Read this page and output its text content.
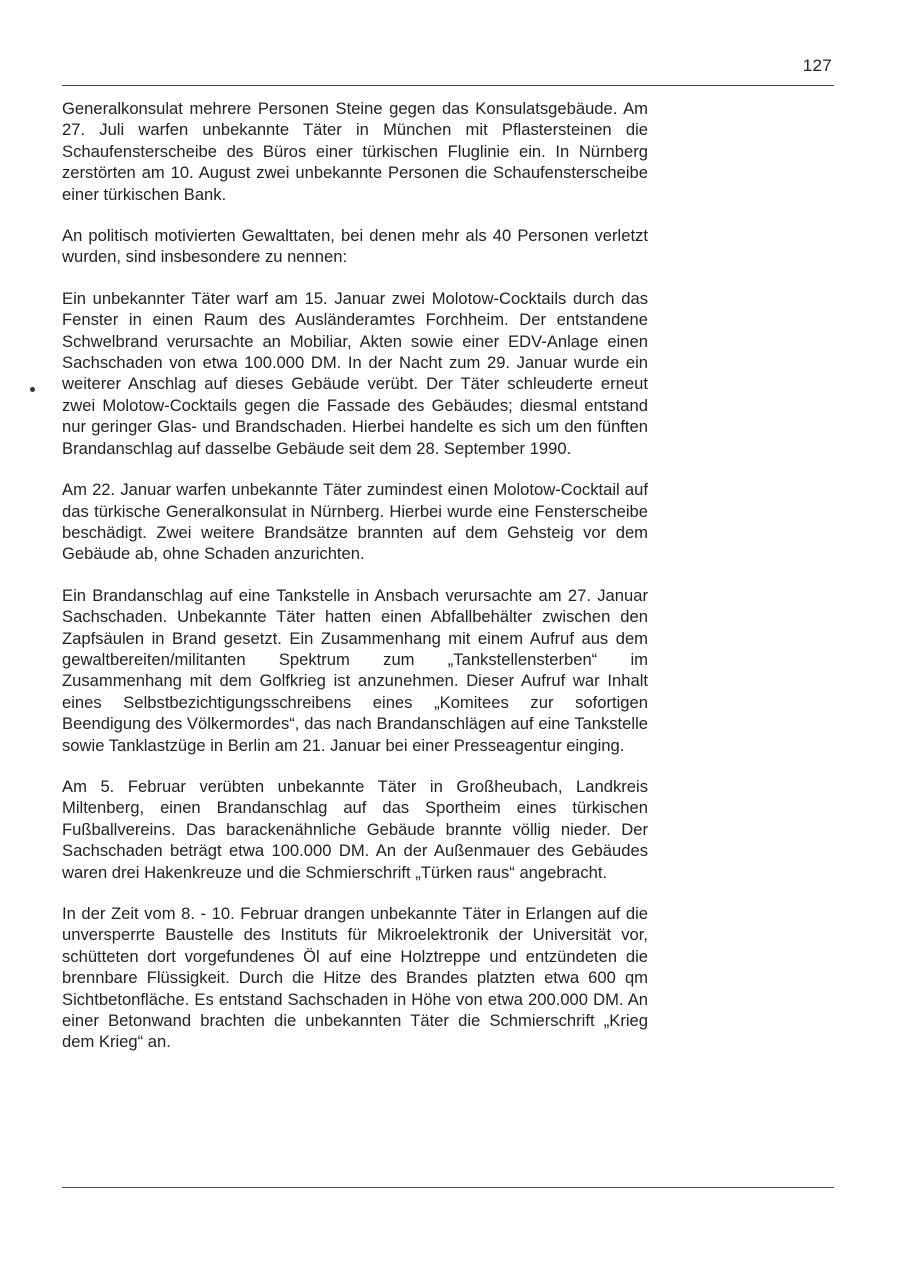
127

Generalkonsulat mehrere Personen Steine gegen das Konsulatsgebäude. Am 27. Juli warfen unbekannte Täter in München mit Pflastersteinen die Schaufensterscheibe des Büros einer türkischen Fluglinie ein. In Nürnberg zerstörten am 10. August zwei unbekannte Personen die Schaufensterscheibe einer türkischen Bank.

An politisch motivierten Gewalttaten, bei denen mehr als 40 Personen verletzt wurden, sind insbesondere zu nennen:

Ein unbekannter Täter warf am 15. Januar zwei Molotow-Cocktails durch das Fenster in einen Raum des Ausländeramtes Forchheim. Der entstandene Schwelbrand verursachte an Mobiliar, Akten sowie einer EDV-Anlage einen Sachschaden von etwa 100.000 DM. In der Nacht zum 29. Januar wurde ein weiterer Anschlag auf dieses Gebäude verübt. Der Täter schleuderte erneut zwei Molotow-Cocktails gegen die Fassade des Gebäudes; diesmal entstand nur geringer Glas- und Brandschaden. Hierbei handelte es sich um den fünften Brandanschlag auf dasselbe Gebäude seit dem 28. September 1990.

Am 22. Januar warfen unbekannte Täter zumindest einen Molotow-Cocktail auf das türkische Generalkonsulat in Nürnberg. Hierbei wurde eine Fensterscheibe beschädigt. Zwei weitere Brandsätze brannten auf dem Gehsteig vor dem Gebäude ab, ohne Schaden anzurichten.

Ein Brandanschlag auf eine Tankstelle in Ansbach verursachte am 27. Januar Sachschaden. Unbekannte Täter hatten einen Abfallbehälter zwischen den Zapfsäulen in Brand gesetzt. Ein Zusammenhang mit einem Aufruf aus dem gewaltbereiten/militanten Spektrum zum „Tankstellensterben“ im Zusammenhang mit dem Golfkrieg ist anzunehmen. Dieser Aufruf war Inhalt eines Selbstbezichtigungsschreibens eines „Komitees zur sofortigen Beendigung des Völkermordes“, das nach Brandanschlägen auf eine Tankstelle sowie Tanklastzüge in Berlin am 21. Januar bei einer Presseagentur einging.

Am 5. Februar verübten unbekannte Täter in Großheubach, Landkreis Miltenberg, einen Brandanschlag auf das Sportheim eines türkischen Fußballvereins. Das barackenähnliche Gebäude brannte völlig nieder. Der Sachschaden beträgt etwa 100.000 DM. An der Außenmauer des Gebäudes waren drei Hakenkreuze und die Schmierschrift „Türken raus“ angebracht.

In der Zeit vom 8. - 10. Februar drangen unbekannte Täter in Erlangen auf die unversperrte Baustelle des Instituts für Mikroelektronik der Universität vor, schütteten dort vorgefundenes Öl auf eine Holztreppe und entzündeten die brennbare Flüssigkeit. Durch die Hitze des Brandes platzten etwa 600 qm Sichtbetonfläche. Es entstand Sachschaden in Höhe von etwa 200.000 DM. An einer Betonwand brachten die unbekannten Täter die Schmierschrift „Krieg dem Krieg“ an.
